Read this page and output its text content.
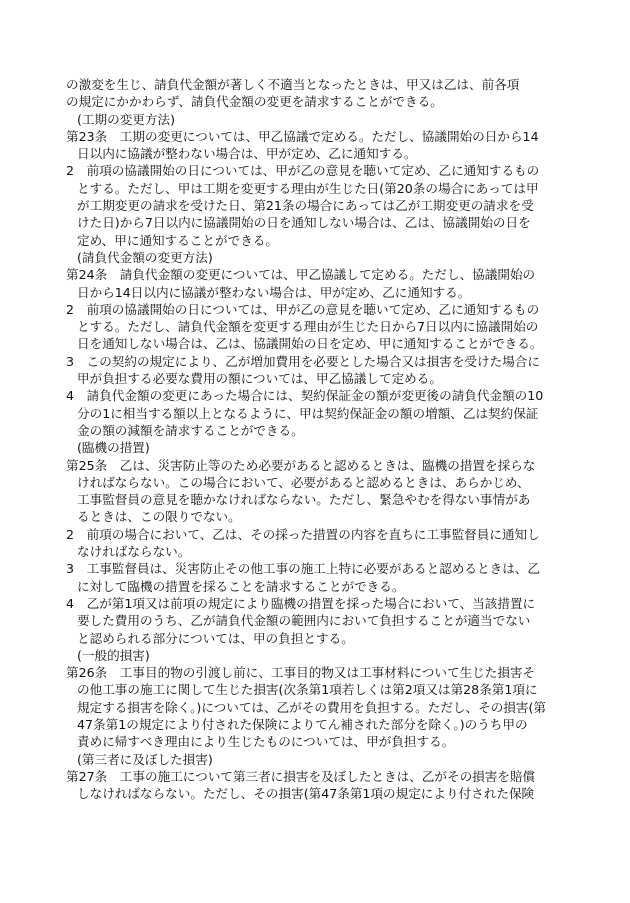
の激変を生じ、請負代金額が著しく不適当となったときは、甲又は乙は、前各項
の規定にかかわらず、請負代金額の変更を請求することができる。
(工期の変更方法)
第23条　工期の変更については、甲乙協議で定める。ただし、協議開始の日から14
日以内に協議が整わない場合は、甲が定め、乙に通知する。
2　前項の協議開始の日については、甲が乙の意見を聴いて定め、乙に通知するもの
とする。ただし、甲は工期を変更する理由が生じた日(第20条の場合にあっては甲
が工期変更の請求を受けた日、第21条の場合にあっては乙が工期変更の請求を受
けた日)から7日以内に協議開始の日を通知しない場合は、乙は、協議開始の日を
定め、甲に通知することができる。
(請負代金額の変更方法)
第24条　請負代金額の変更については、甲乙協議して定める。ただし、協議開始の
日から14日以内に協議が整わない場合は、甲が定め、乙に通知する。
2　前項の協議開始の日については、甲が乙の意見を聴いて定め、乙に通知するもの
とする。ただし、請負代金額を変更する理由が生じた日から7日以内に協議開始の
日を通知しない場合は、乙は、協議開始の日を定め、甲に通知することができる。
3　この契約の規定により、乙が増加費用を必要とした場合又は損害を受けた場合に
甲が負担する必要な費用の額については、甲乙協議して定める。
4　請負代金額の変更にあった場合には、契約保証金の額が変更後の請負代金額の10
分の1に相当する額以上となるように、甲は契約保証金の額の増額、乙は契約保証
金の額の減額を請求することができる。
(臨機の措置)
第25条　乙は、災害防止等のため必要があると認めるときは、臨機の措置を採らな
ければならない。この場合において、必要があると認めるときは、あらかじめ、
工事監督員の意見を聴かなければならない。ただし、緊急やむを得ない事情があ
るときは、この限りでない。
2　前項の場合において、乙は、その採った措置の内容を直ちに工事監督員に通知し
なければならない。
3　工事監督員は、災害防止その他工事の施工上特に必要があると認めるときは、乙
に対して臨機の措置を採ることを請求することができる。
4　乙が第1項又は前項の規定により臨機の措置を採った場合において、当該措置に
要した費用のうち、乙が請負代金額の範囲内において負担することが適当でない
と認められる部分については、甲の負担とする。
(一般的損害)
第26条　工事目的物の引渡し前に、工事目的物又は工事材料について生じた損害そ
の他工事の施工に関して生じた損害(次条第1項若しくは第2項又は第28条第1項に
規定する損害を除く。)については、乙がその費用を負担する。ただし、その損害(第
47条第1の規定により付された保険によりてん補された部分を除く。)のうち甲の
責めに帰すべき理由により生じたものについては、甲が負担する。
(第三者に及ぼした損害)
第27条　工事の施工について第三者に損害を及ぼしたときは、乙がその損害を賠償
しなければならない。ただし、その損害(第47条第1項の規定により付された保険
